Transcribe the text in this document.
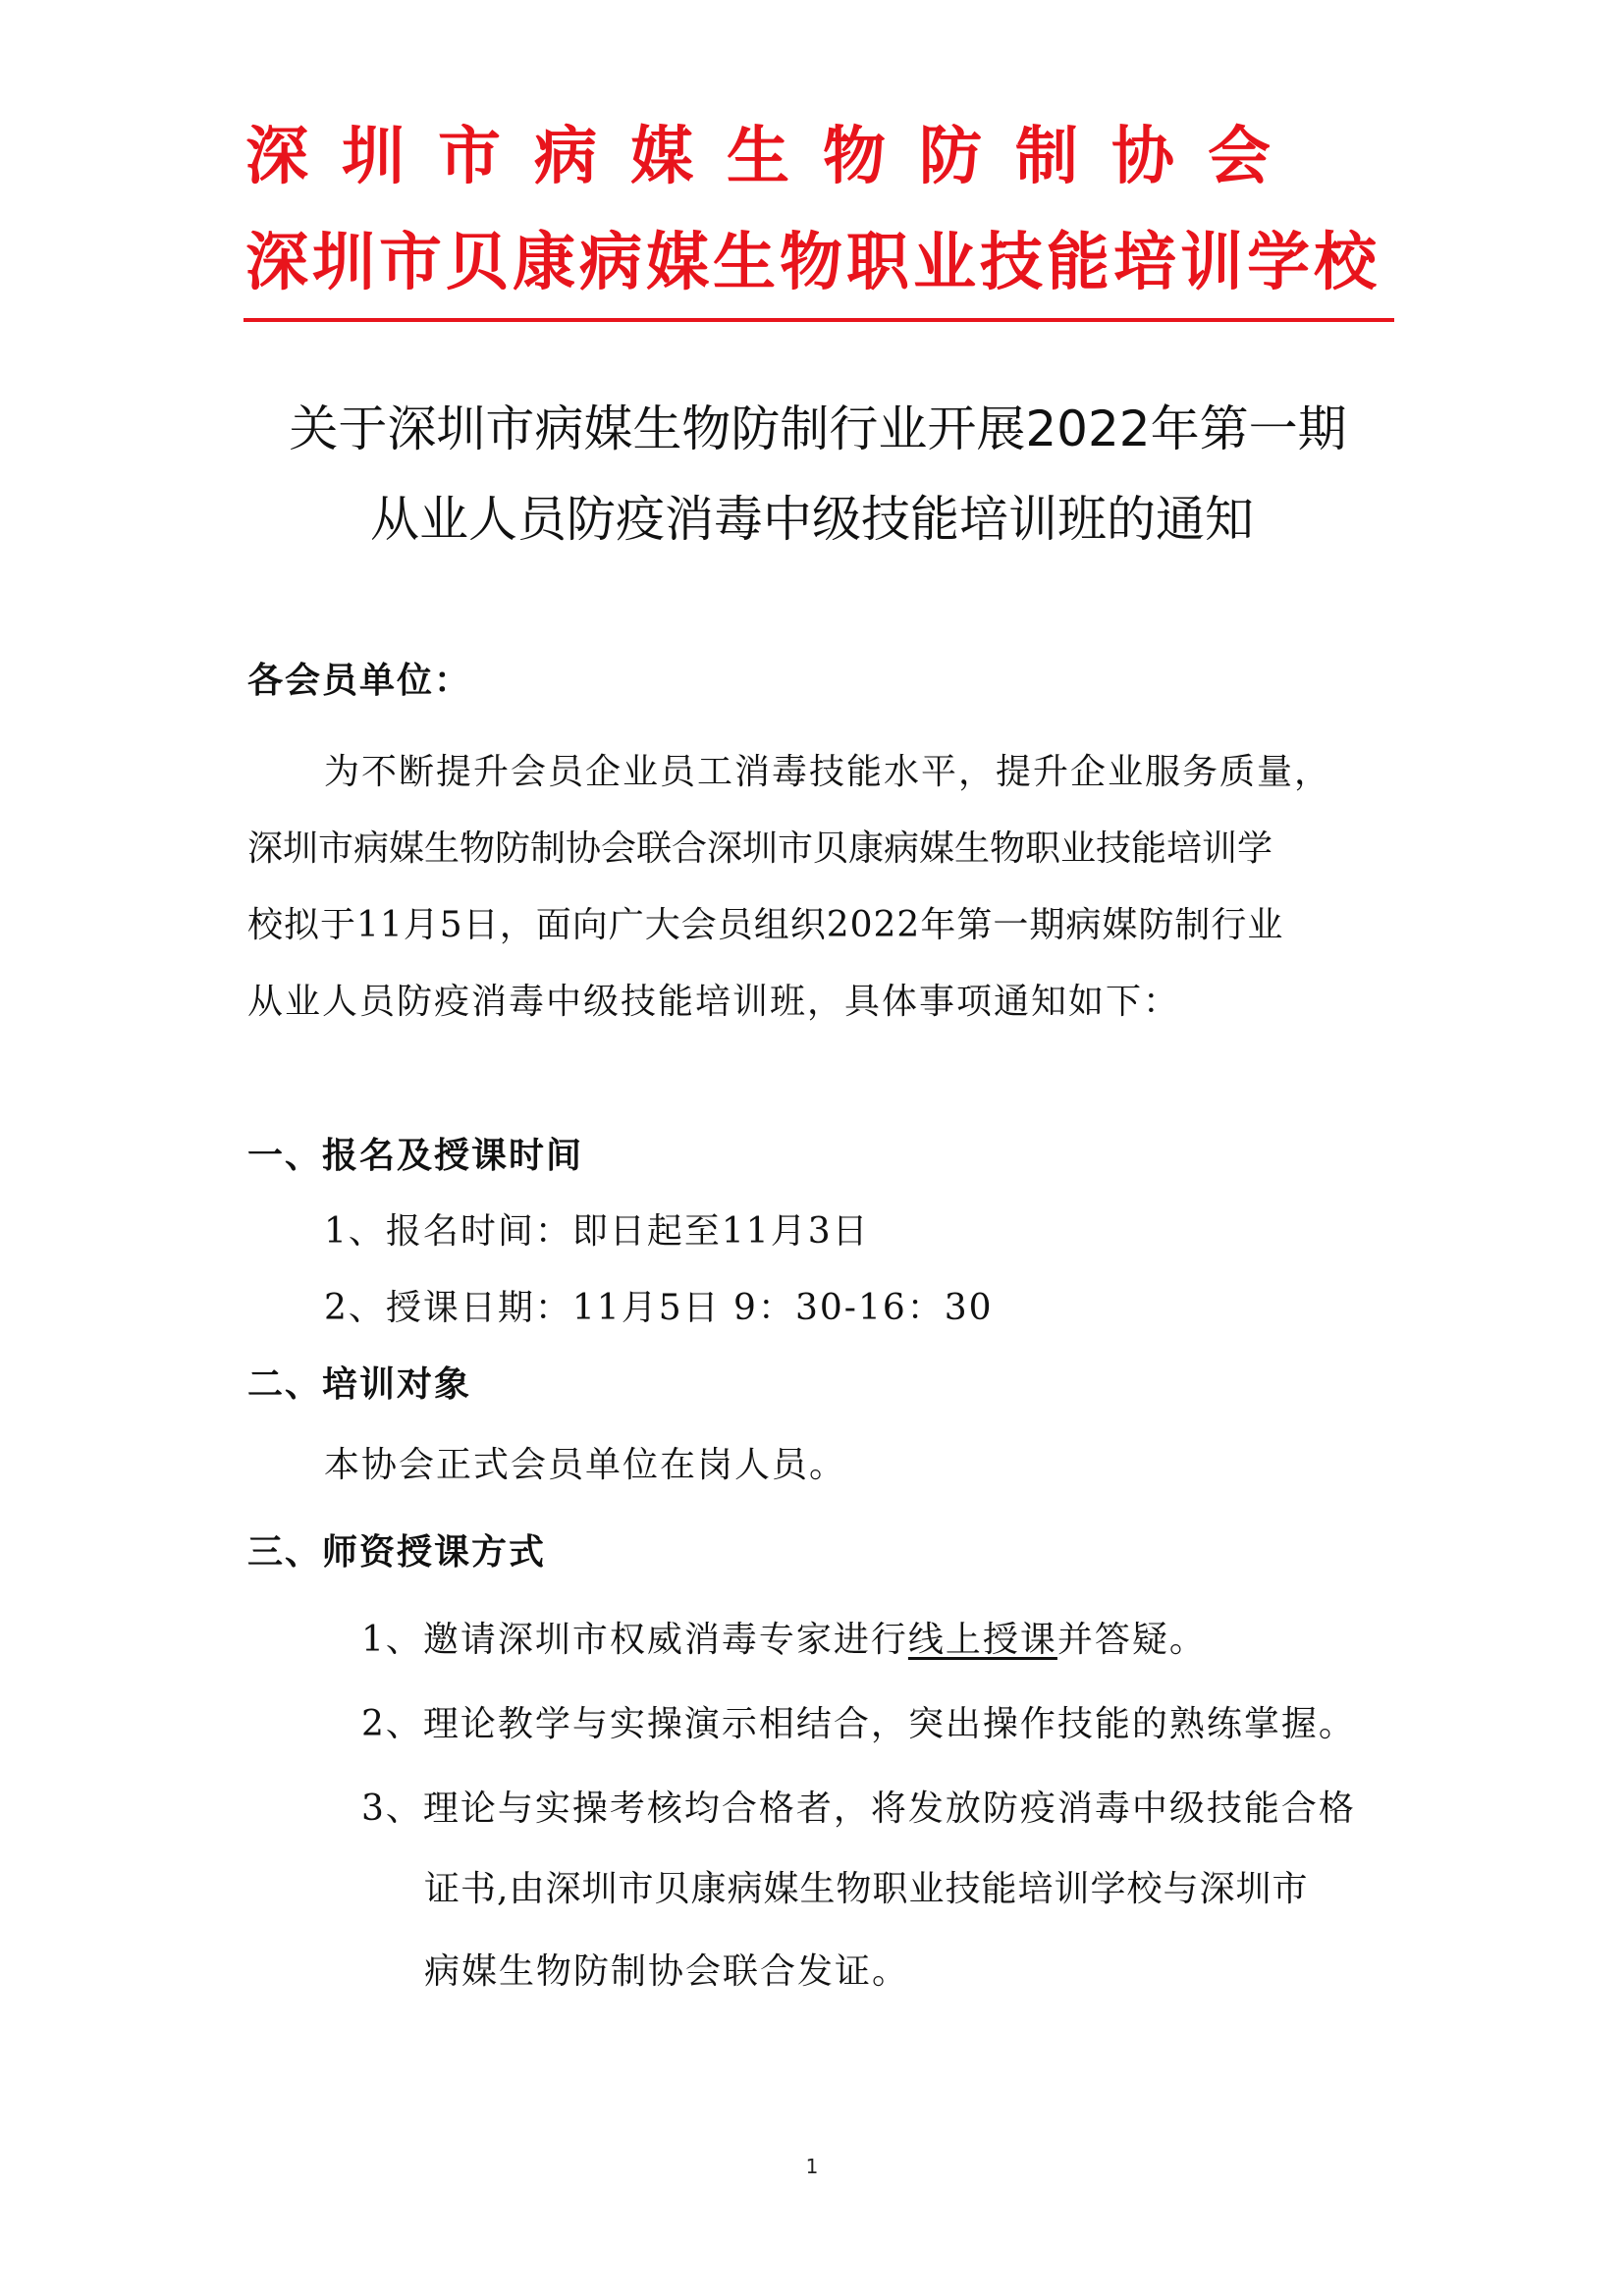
深圳市病媒生物防制协会
深圳市贝康病媒生物职业技能培训学校
关于深圳市病媒生物防制行业开展2022年第一期
从业人员防疫消毒中级技能培训班的通知
各会员单位：
为不断提升会员企业员工消毒技能水平，提升企业服务质量，
深圳市病媒生物防制协会联合深圳市贝康病媒生物职业技能培训学
校拟于11月5日，面向广大会员组织2022年第一期病媒防制行业
从业人员防疫消毒中级技能培训班，具体事项通知如下：
一、报名及授课时间
1、报名时间：即日起至11月3日
2、授课日期：11月5日 9：30-16：30
二、培训对象
本协会正式会员单位在岗人员。
三、师资授课方式
1、邀请深圳市权威消毒专家进行线上授课并答疑。
2、理论教学与实操演示相结合，突出操作技能的熟练掌握。
3、理论与实操考核均合格者，将发放防疫消毒中级技能合格
证书,由深圳市贝康病媒生物职业技能培训学校与深圳市
病媒生物防制协会联合发证。
1
